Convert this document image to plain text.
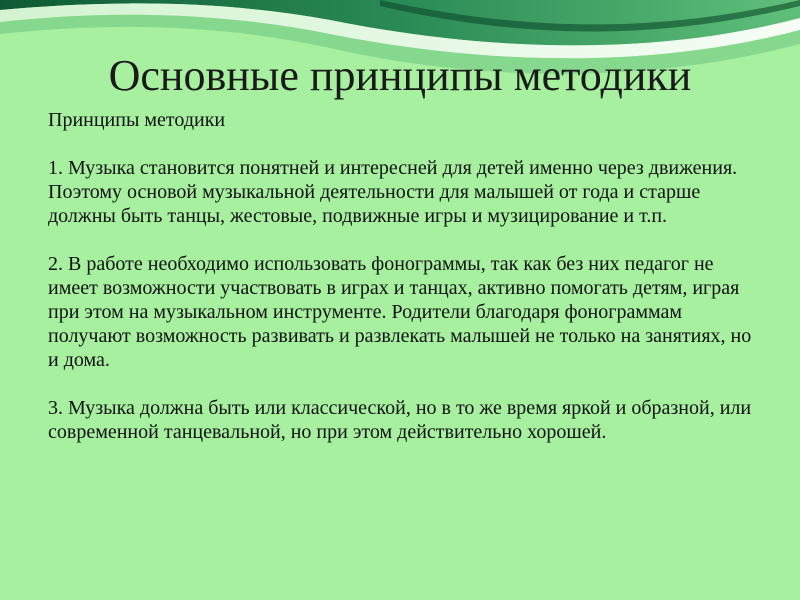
Основные принципы методики

Принципы методики

1. Музыка становится понятней и интересней для детей именно через движения. Поэтому основой музыкальной деятельности для малышей от года и старше должны быть танцы, жестовые, подвижные игры и музицирование и т.п.

2. В работе необходимо использовать фонограммы, так как без них педагог не имеет возможности участвовать в играх и танцах, активно помогать детям, играя при этом на музыкальном инструменте. Родители благодаря фонограммам получают возможность развивать и развлекать малышей не только на занятиях, но и дома.

3. Музыка должна быть или классической, но в то же время яркой и образной, или современной танцевальной, но при этом действительно хорошей.
